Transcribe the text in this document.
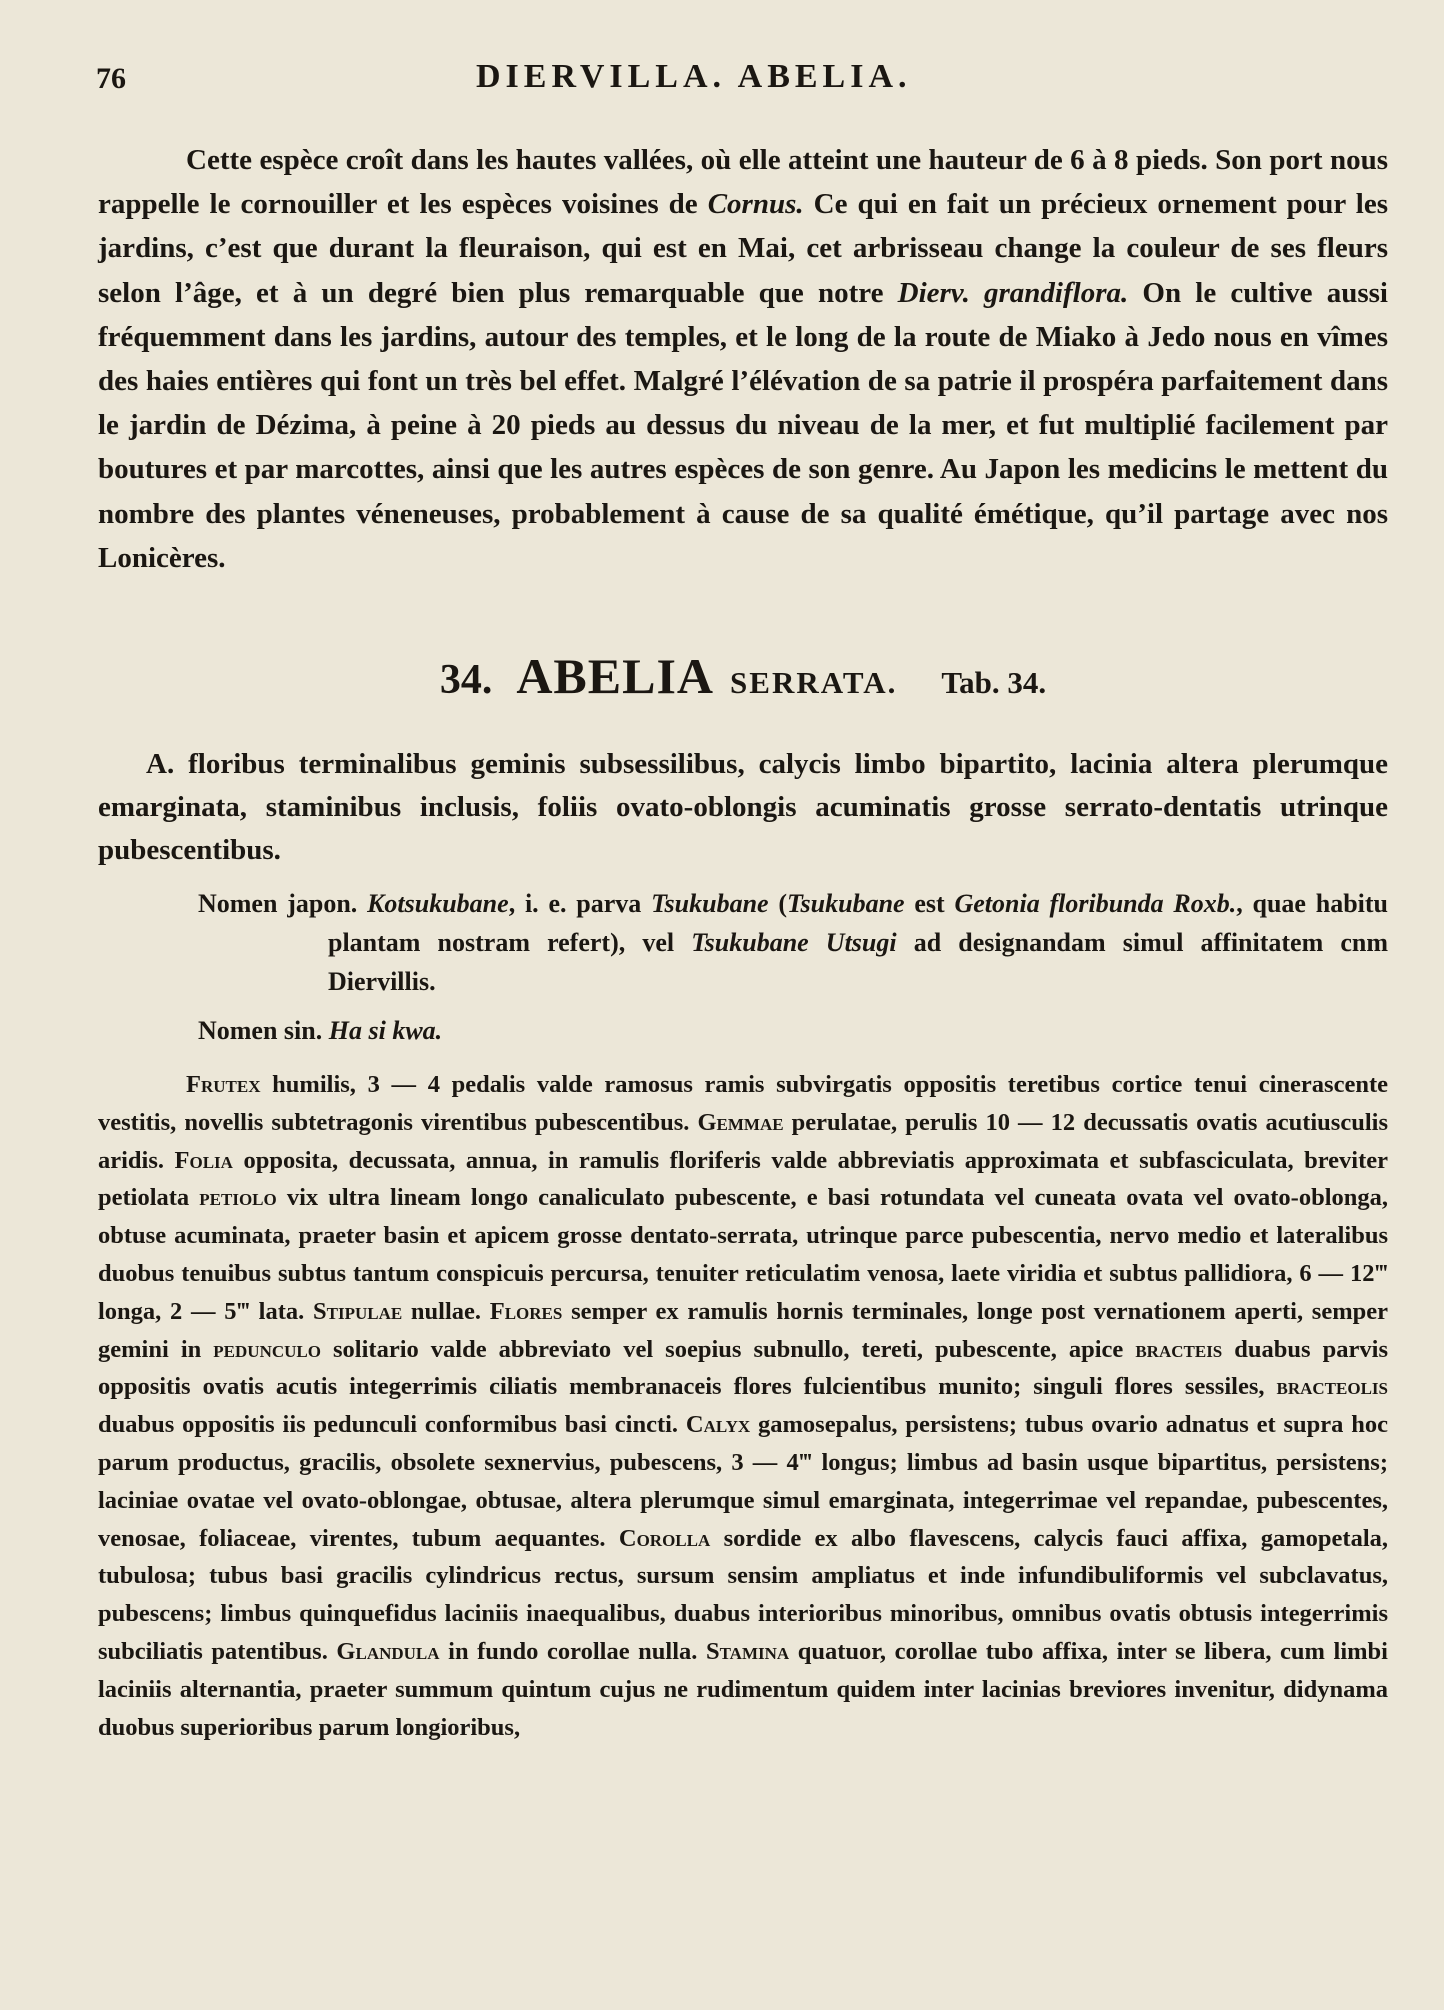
76	DIERVILLA. ABELIA.

Cette espèce croît dans les hautes vallées, où elle atteint une hauteur de 6 à 8 pieds. Son port nous rappelle le cornouiller et les espèces voisines de Cornus. Ce qui en fait un précieux ornement pour les jardins, c’est que durant la fleuraison, qui est en Mai, cet arbrisseau change la couleur de ses fleurs selon l’âge, et à un degré bien plus remarquable que notre Dierv. grandiflora. On le cultive aussi fréquemment dans les jardins, autour des temples, et le long de la route de Miako à Jedo nous en vîmes des haies entières qui font un très bel effet. Malgré l’élévation de sa patrie il prospéra parfaitement dans le jardin de Dézima, à peine à 20 pieds au dessus du niveau de la mer, et fut multiplié facilement par boutures et par marcottes, ainsi que les autres espèces de son genre. Au Japon les medicins le mettent du nombre des plantes véneneuses, probablement à cause de sa qualité émétique, qu’il partage avec nos Lonicères.

34. ABELIA SERRATA. Tab. 34.

A. floribus terminalibus geminis subsessilibus, calycis limbo bipartito, lacinia altera plerumque emarginata, staminibus inclusis, foliis ovato-oblongis acuminatis grosse serrato-dentatis utrinque pubescentibus.

Nomen japon. Kotsukubane, i. e. parva Tsukubane (Tsukubane est Getonia floribunda Roxb., quae habitu plantam nostram refert), vel Tsukubane Utsugi ad designandam simul affinitatem cnm Diervillis.

Nomen sin. Ha si kwa.

Frutex humilis, 3 — 4 pedalis valde ramosus ramis subvirgatis oppositis teretibus cortice tenui cinerascente vestitis, novellis subtetragonis virentibus pubescentibus. Gemmae perulatae, perulis 10 — 12 decussatis ovatis acutiusculis aridis. Folia opposita, decussata, annua, in ramulis floriferis valde abbreviatis approximata et subfasciculata, breviter petiolata petiolo vix ultra lineam longo canaliculato pubescente, e basi rotundata vel cuneata ovata vel ovato-oblonga, obtuse acuminata, praeter basin et apicem grosse dentato-serrata, utrinque parce pubescentia, nervo medio et lateralibus duobus tenuibus subtus tantum conspicuis percursa, tenuiter reticulatim venosa, laete viridia et subtus pallidiora, 6 — 12‴ longa, 2 — 5‴ lata. Stipulae nullae. Flores semper ex ramulis hornis terminales, longe post vernationem aperti, semper gemini in pedunculo solitario valde abbreviato vel soepius subnullo, tereti, pubescente, apice bracteis duabus parvis oppositis ovatis acutis integerrimis ciliatis membranaceis flores fulcientibus munito; singuli flores sessiles, bracteolis duabus oppositis iis pedunculi conformibus basi cincti. Calyx gamosepalus, persistens; tubus ovario adnatus et supra hoc parum productus, gracilis, obsolete sexnervius, pubescens, 3 — 4‴ longus; limbus ad basin usque bipartitus, persistens; laciniae ovatae vel ovato-oblongae, obtusae, altera plerumque simul emarginata, integerrimae vel repandae, pubescentes, venosae, foliaceae, virentes, tubum aequantes. Corolla sordide ex albo flavescens, calycis fauci affixa, gamopetala, tubulosa; tubus basi gracilis cylindricus rectus, sursum sensim ampliatus et inde infundibuliformis vel subclavatus, pubescens; limbus quinquefidus laciniis inaequalibus, duabus interioribus minoribus, omnibus ovatis obtusis integerrimis subciliatis patentibus. Glandula in fundo corollae nulla. Stamina quatuor, corollae tubo affixa, inter se libera, cum limbi laciniis alternantia, praeter summum quintum cujus ne rudimentum quidem inter lacinias breviores invenitur, didynama duobus superioribus parum longioribus,
